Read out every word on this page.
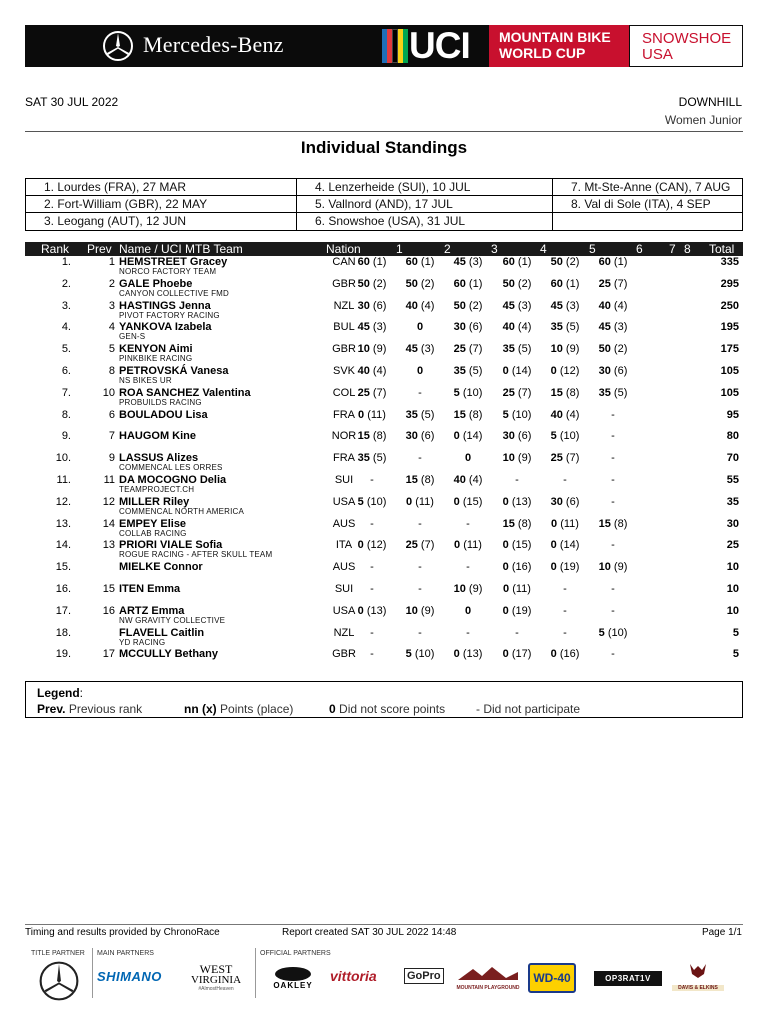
Mercedes-Benz	UCI MOUNTAIN BIKE
WORLD CUP
SNOWSHOE
USA
SAT 30 JUL 2022	DOWNHILL
Women Junior
Individual Standings
1. Lourdes (FRA), 27 MAR	4. Lenzerheide (SUI), 10 JUL	7. Mt-Ste-Anne (CAN), 7 AUG
2. Fort-William (GBR), 22 MAY	5. Vallnord (AND), 17 JUL	8. Val di Sole (ITA), 4 SEP
3. Leogang (AUT), 12 JUN	6. Snowshoe (USA), 31 JUL
Rank Prev Name / UCI MTB Team	Nation	1	2	3	4	5	6 7 8 Total
1.	1 HEMSTREET Gracey
NORCO FACTORY TEAM
CAN 60 (1)	60 (1)	45 (3)	60 (1)	50 (2)	60 (1)	335
2.	2 GALE Phoebe
CANYON COLLECTIVE FMD
GBR 50 (2)	50 (2)	60 (1)	50 (2)	60 (1)	25 (7)	295
3.	3 HASTINGS Jenna
PIVOT FACTORY RACING
NZL 30 (6)	40 (4)	50 (2)	45 (3)	45 (3)	40 (4)	250
4.	4 YANKOVA Izabela
GEN-S
BUL 45 (3)	0	30 (6)	40 (4)	35 (5)	45 (3)	195
5.	5 KENYON Aimi
PINKBIKE RACING
GBR 10 (9)	45 (3)	25 (7)	35 (5)	10 (9)	50 (2)	175
6.	8 PETROVSKÁ Vanesa
NS BIKES UR
SVK 40 (4)	0	35 (5)	0 (14)	0 (12)	30 (6)	105
7.	10 ROA SANCHEZ Valentina
PROBUILDS RACING
COL 25 (7)	-	5 (10)	25 (7)	15 (8)	35 (5)	105
8.	6 BOULADOU Lisa	FRA 0 (11)	35 (5)	15 (8)	5 (10)	40 (4)	-	95
9.	7 HAUGOM Kine	NOR 15 (8)	30 (6)	0 (14)	30 (6)	5 (10)	-	80
10.	9 LASSUS Alizes
COMMENCAL LES ORRES
FRA 35 (5)	-	0	10 (9)	25 (7)	-	70
11.	11 DA MOCOGNO Delia
TEAMPROJECT.CH
SUI	-	15 (8)	40 (4)	-	-	-	55
12.	12 MILLER Riley
COMMENCAL NORTH AMERICA
USA 5 (10)	0 (11)	0 (15)	0 (13)	30 (6)	-	35
13.	14 EMPEY Elise
COLLAB RACING
AUS	-	-	-	15 (8)	0 (11)	15 (8)	30
14.	13 PRIORI VIALE Sofia
ROGUE RACING - AFTER SKULL TEAM
ITA 0 (12)	25 (7)	0 (11)	0 (15)	0 (14)	-	25
15.	MIELKE Connor	AUS	-	-	-	0 (16)	0 (19)	10 (9)	10
16.	15 ITEN Emma	SUI	-	-	10 (9)	0 (11)	-	-	10
17.	16 ARTZ Emma
NW GRAVITY COLLECTIVE
USA 0 (13)	10 (9)	0	0 (19)	-	-	10
18.	FLAVELL Caitlin
YD RACING
NZL	-	-	-	-	-	5 (10)	5
19.	17 MCCULLY Bethany	GBR	-	5 (10)	0 (13)	0 (17)	0 (16)	-	5
Legend:
Prev. Previous rank	nn (x) Points (place)	0 Did not score points	- Did not participate
Timing and results provided by ChronoRace	Report created SAT 30 JUL 2022 14:48	Page 1/1
TITLE PARTNER MAIN PARTNERS	OFFICIAL PARTNERS
SHIMANO	WEST
VIRGINIA
#AlmostHeaven	OAKLEY
vittoria	GoPro
MOUNTAIN PLAYGROUND
WD-40	OP3RAT1V
DAVIS & ELKINS
